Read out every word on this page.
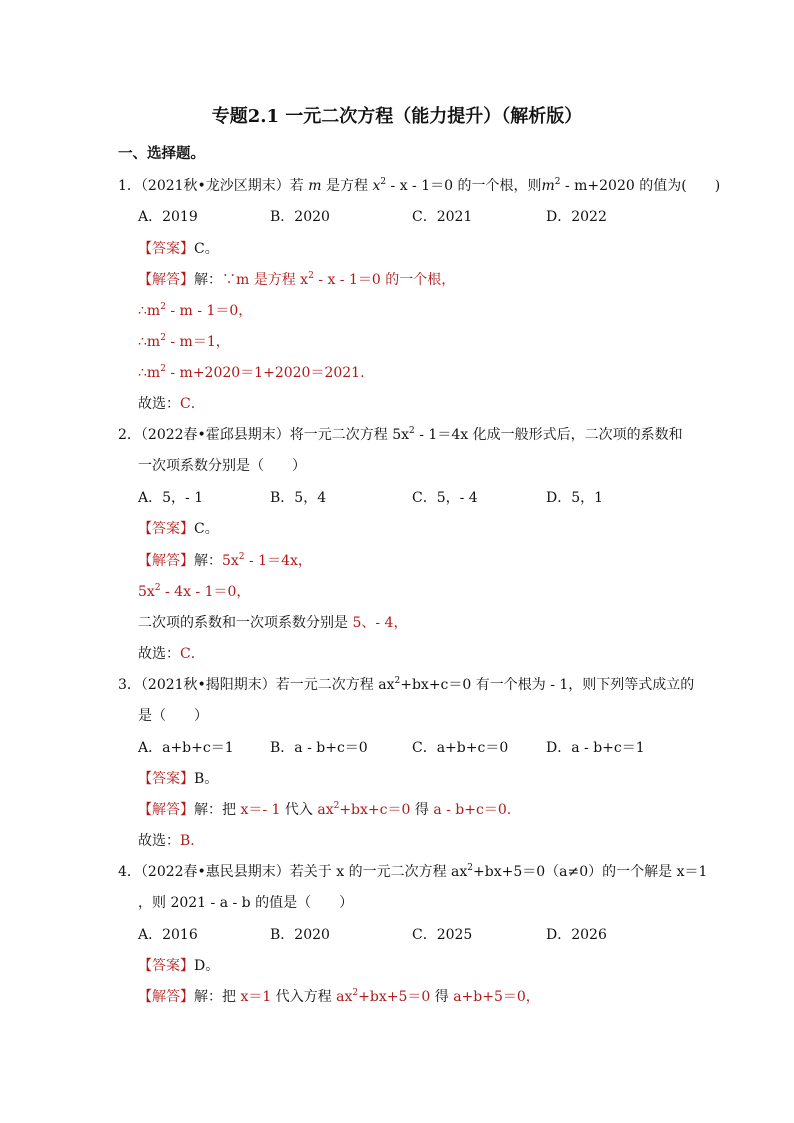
专题2.1 一元二次方程（能力提升）（解析版）
一、选择题。
1．（2021秋•龙沙区期末）若 m 是方程 $x^2 - x - 1=0$ 的一个根，则$m^2 - m+2020$ 的值为(　　)
A．2019	B．2020	C．2021	D．2022
【答案】C。
【解答】解：∵m 是方程 $x^2 - x - 1=0$ 的一个根，
$\therefore m^2 - m - 1=0$，
$\therefore m^2 - m=1$，
$\therefore m^2 - m+2020=1+2020=2021$.
故选：C．
2．（2022春•霍邱县期末）将一元二次方程 $5x^2 - 1=4x$ 化成一般形式后，二次项的系数和
一次项系数分别是（　　）
A．5，- 1	B．5，4	C．5，- 4	D．5，1
【答案】C。
【解答】解：$5x^2 - 1=4x$，
$5x^2 - 4x - 1=0$，
二次项的系数和一次项系数分别是 5、- 4，
故选：C．
3．（2021秋•揭阳期末）若一元二次方程 $ax^2+bx+c=0$ 有一个根为 - 1，则下列等式成立的
是（　　）
A．a+b+c＝1	B．a - b+c＝0	C．a+b+c＝0	D．a - b+c＝1
【答案】B。
【解答】解：把 x＝- 1 代入 $ax^2+bx+c=0$ 得 a - b+c＝0.
故选：B．
4．（2022春•惠民县期末）若关于 x 的一元二次方程 $ax^2+bx+5=0(a\ne 0)$的一个解是 x＝1
，则 2021 - a - b 的值是（　　）
A．2016	B．2020	C．2025	D．2026
【答案】D。
【解答】解：把 x＝1 代入方程 $ax^2+bx+5=0$ 得 a+b+5＝0，
